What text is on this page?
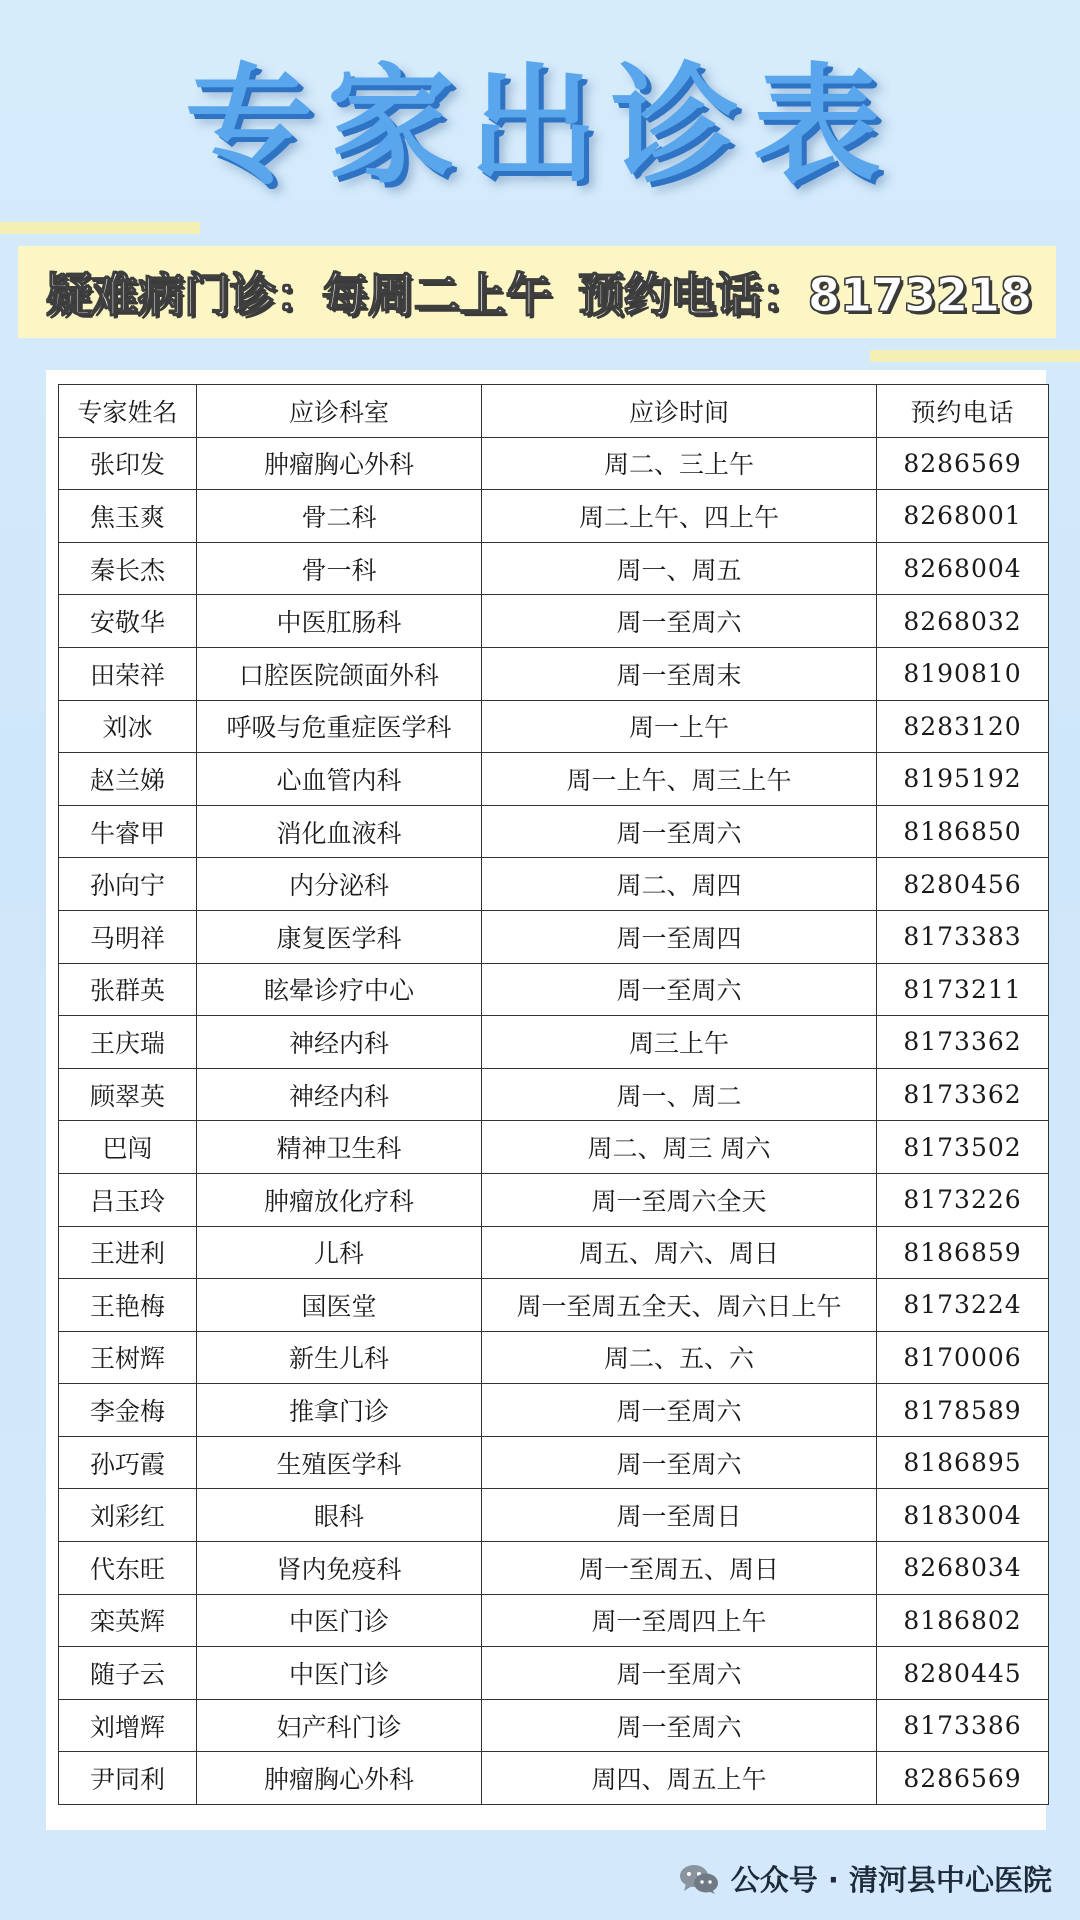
专家出诊表
疑难病门诊：每周二上午 预约电话：8173218
专家姓名	应诊科室	应诊时间	预约电话
张印发	肿瘤胸心外科	周二、三上午	8286569
焦玉爽	骨二科	周二上午、四上午	8268001
秦长杰	骨一科	周一、周五	8268004
安敬华	中医肛肠科	周一至周六	8268032
田荣祥	口腔医院颌面外科	周一至周末	8190810
刘冰	呼吸与危重症医学科	周一上午	8283120
赵兰娣	心血管内科	周一上午、周三上午	8195192
牛睿甲	消化血液科	周一至周六	8186850
孙向宁	内分泌科	周二、周四	8280456
马明祥	康复医学科	周一至周四	8173383
张群英	眩晕诊疗中心	周一至周六	8173211
王庆瑞	神经内科	周三上午	8173362
顾翠英	神经内科	周一、周二	8173362
巴闯	精神卫生科	周二、周三 周六	8173502
吕玉玲	肿瘤放化疗科	周一至周六全天	8173226
王进利	儿科	周五、周六、周日	8186859
王艳梅	国医堂	周一至周五全天、周六日上午	8173224
王树辉	新生儿科	周二、五、六	8170006
李金梅	推拿门诊	周一至周六	8178589
孙巧霞	生殖医学科	周一至周六	8186895
刘彩红	眼科	周一至周日	8183004
代东旺	肾内免疫科	周一至周五、周日	8268034
栾英辉	中医门诊	周一至周四上午	8186802
随子云	中医门诊	周一至周六	8280445
刘增辉	妇产科门诊	周一至周六	8173386
尹同利	肿瘤胸心外科	周四、周五上午	8286569
公众号 · 清河县中心医院
